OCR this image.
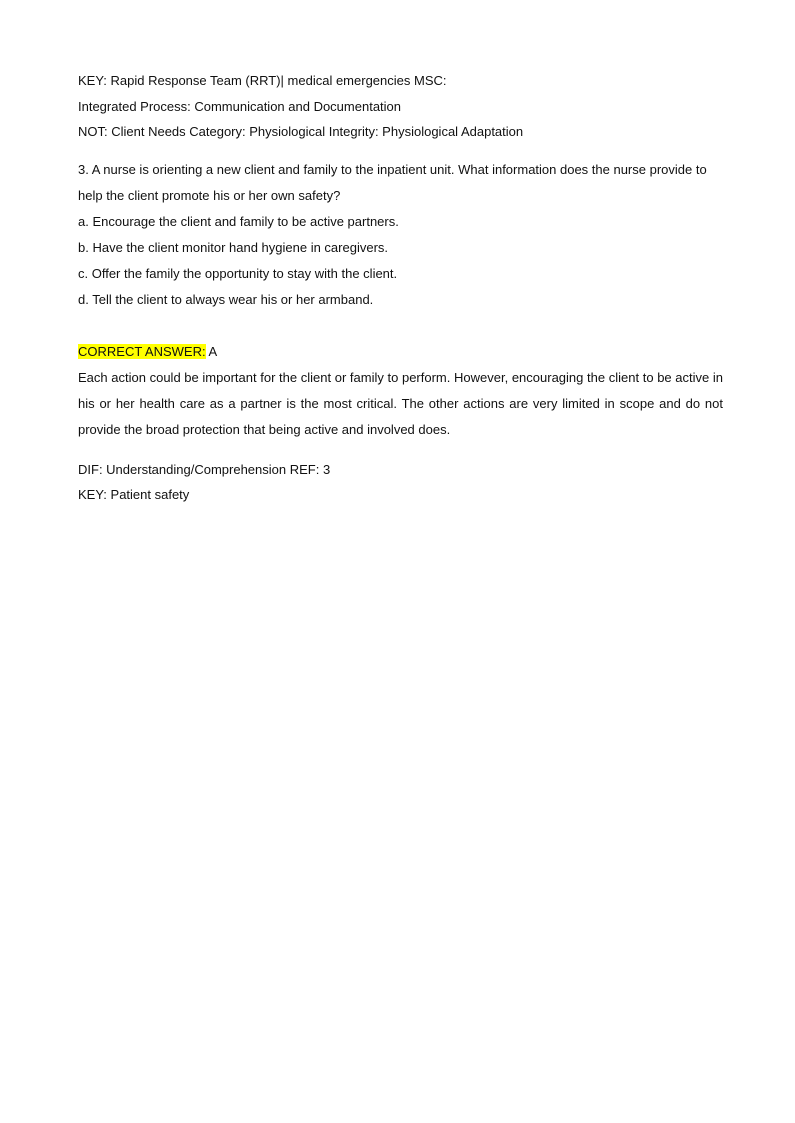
KEY: Rapid Response Team (RRT)| medical emergencies MSC:

Integrated Process: Communication and Documentation

NOT: Client Needs Category: Physiological Integrity: Physiological Adaptation

3. A nurse is orienting a new client and family to the inpatient unit. What information does the nurse provide to help the client promote his or her own safety?

a. Encourage the client and family to be active partners.
b. Have the client monitor hand hygiene in caregivers.
c. Offer the family the opportunity to stay with the client.
d. Tell the client to always wear his or her armband.

CORRECT ANSWER: A

Each action could be important for the client or family to perform. However, encouraging the client to be active in his or her health care as a partner is the most critical. The other actions are very limited in scope and do not provide the broad protection that being active and involved does.

DIF: Understanding/Comprehension REF: 3

KEY: Patient safety
